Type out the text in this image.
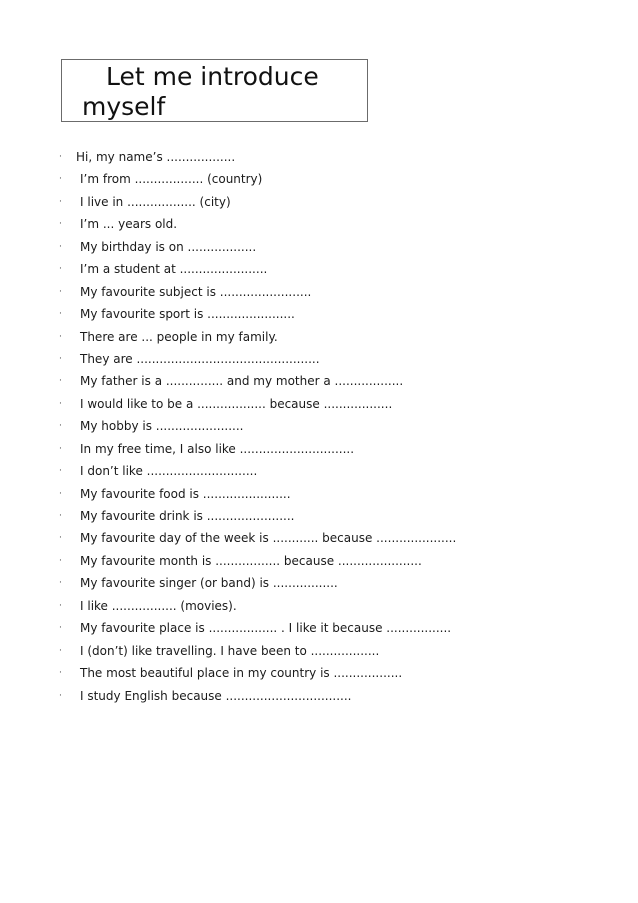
Let me introduce
myself
· Hi, my name’s ..................
· I’m from .................. (country)
· I live in .................. (city)
· I’m ... years old.
· My birthday is on ..................
· I’m a student at .......................
· My favourite subject is ........................
· My favourite sport is .......................
· There are ... people in my family.
· They are ................................................
· My father is a ............... and my mother a ..................
· I would like to be a .................. because ..................
· My hobby is .......................
· In my free time, I also like ..............................
· I don’t like .............................
· My favourite food is .......................
· My favourite drink is .......................
· My favourite day of the week is ............ because .....................
· My favourite month is ................. because ......................
· My favourite singer (or band) is .................
· I like ................. (movies).
· My favourite place is .................. . I like it because .................
· I (don’t) like travelling. I have been to ..................
· The most beautiful place in my country is ..................
· I study English because .................................
